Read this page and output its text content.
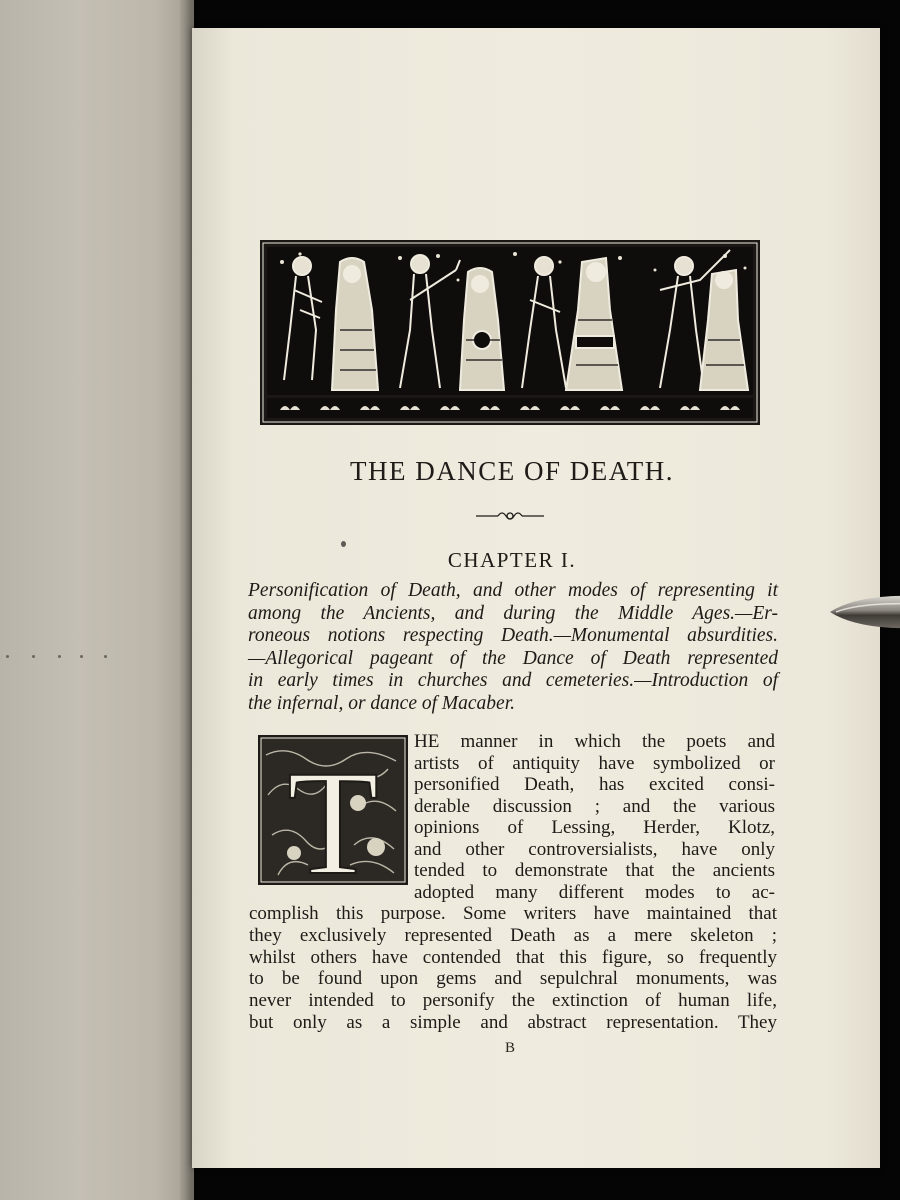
THE DANCE OF DEATH.
CHAPTER I.
Personification of Death, and other modes of representing it
among the Ancients, and during the Middle Ages.—Er-
roneous notions respecting Death.—Monumental absurdities.
—Allegorical pageant of the Dance of Death represented
in early times in churches and cemeteries.—Introduction of
the infernal, or dance of Macaber.
T HE manner in which the poets and
artists of antiquity have symbolized or
personified Death, has excited consi-
derable discussion ; and the various
opinions of Lessing, Herder, Klotz,
and other controversialists, have only
tended to demonstrate that the ancients
adopted many different modes to ac-
complish this purpose. Some writers have maintained that
they exclusively represented Death as a mere skeleton ;
whilst others have contended that this figure, so frequently
to be found upon gems and sepulchral monuments, was
never intended to personify the extinction of human life,
but only as a simple and abstract representation. They
B
